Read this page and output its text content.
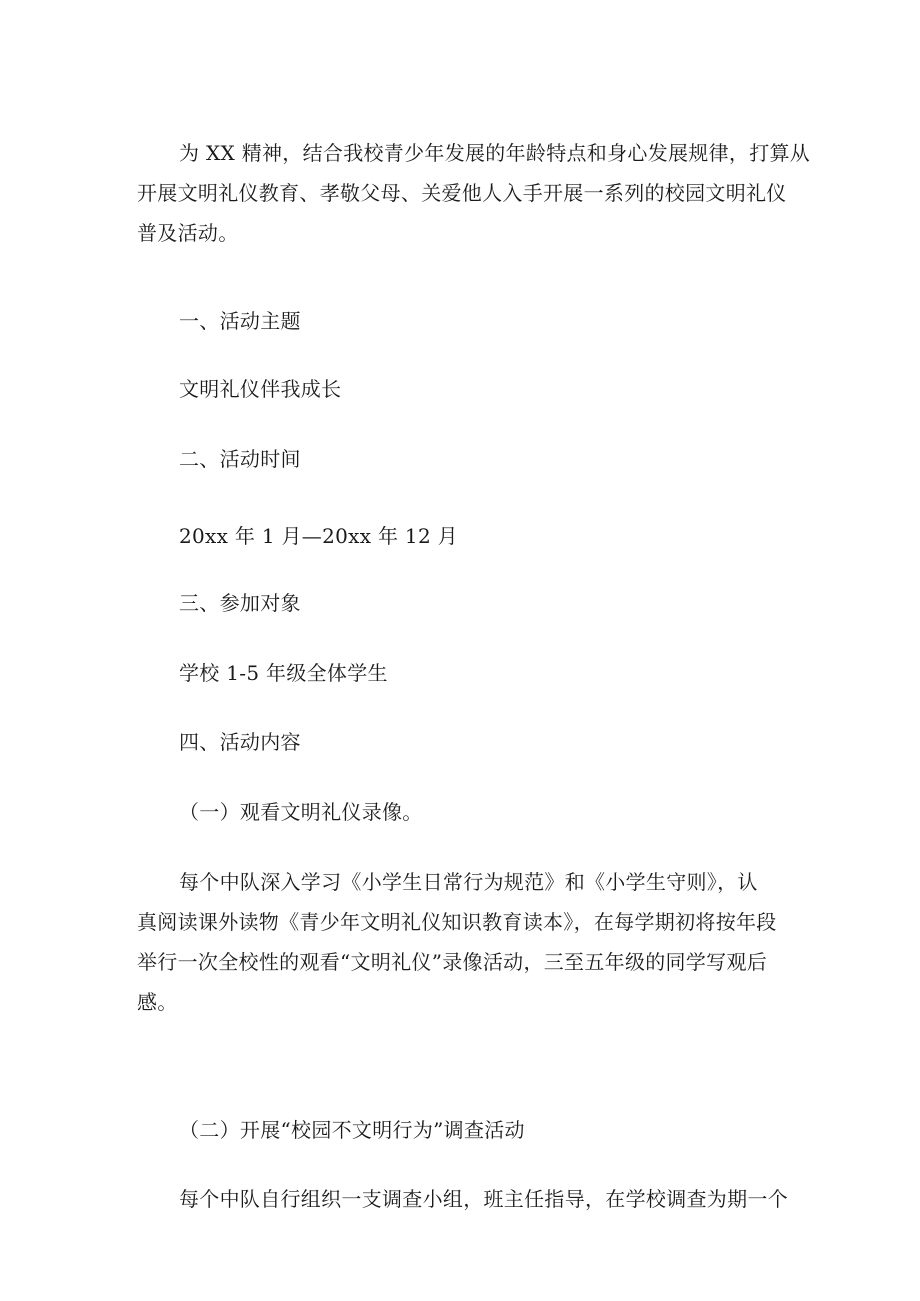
为 XX 精神，结合我校青少年发展的年龄特点和身心发展规律，打算从
开展文明礼仪教育、孝敬父母、关爱他人入手开展一系列的校园文明礼仪
普及活动。

一、活动主题

文明礼仪伴我成长

二、活动时间

20xx 年 1 月—20xx 年 12 月

三、参加对象

学校 1-5 年级全体学生

四、活动内容

（一）观看文明礼仪录像。

每个中队深入学习《小学生日常行为规范》和《小学生守则》，认
真阅读课外读物《青少年文明礼仪知识教育读本》，在每学期初将按年段
举行一次全校性的观看“文明礼仪”录像活动，三至五年级的同学写观后
感。

（二）开展“校园不文明行为”调查活动

每个中队自行组织一支调查小组，班主任指导，在学校调查为期一个
